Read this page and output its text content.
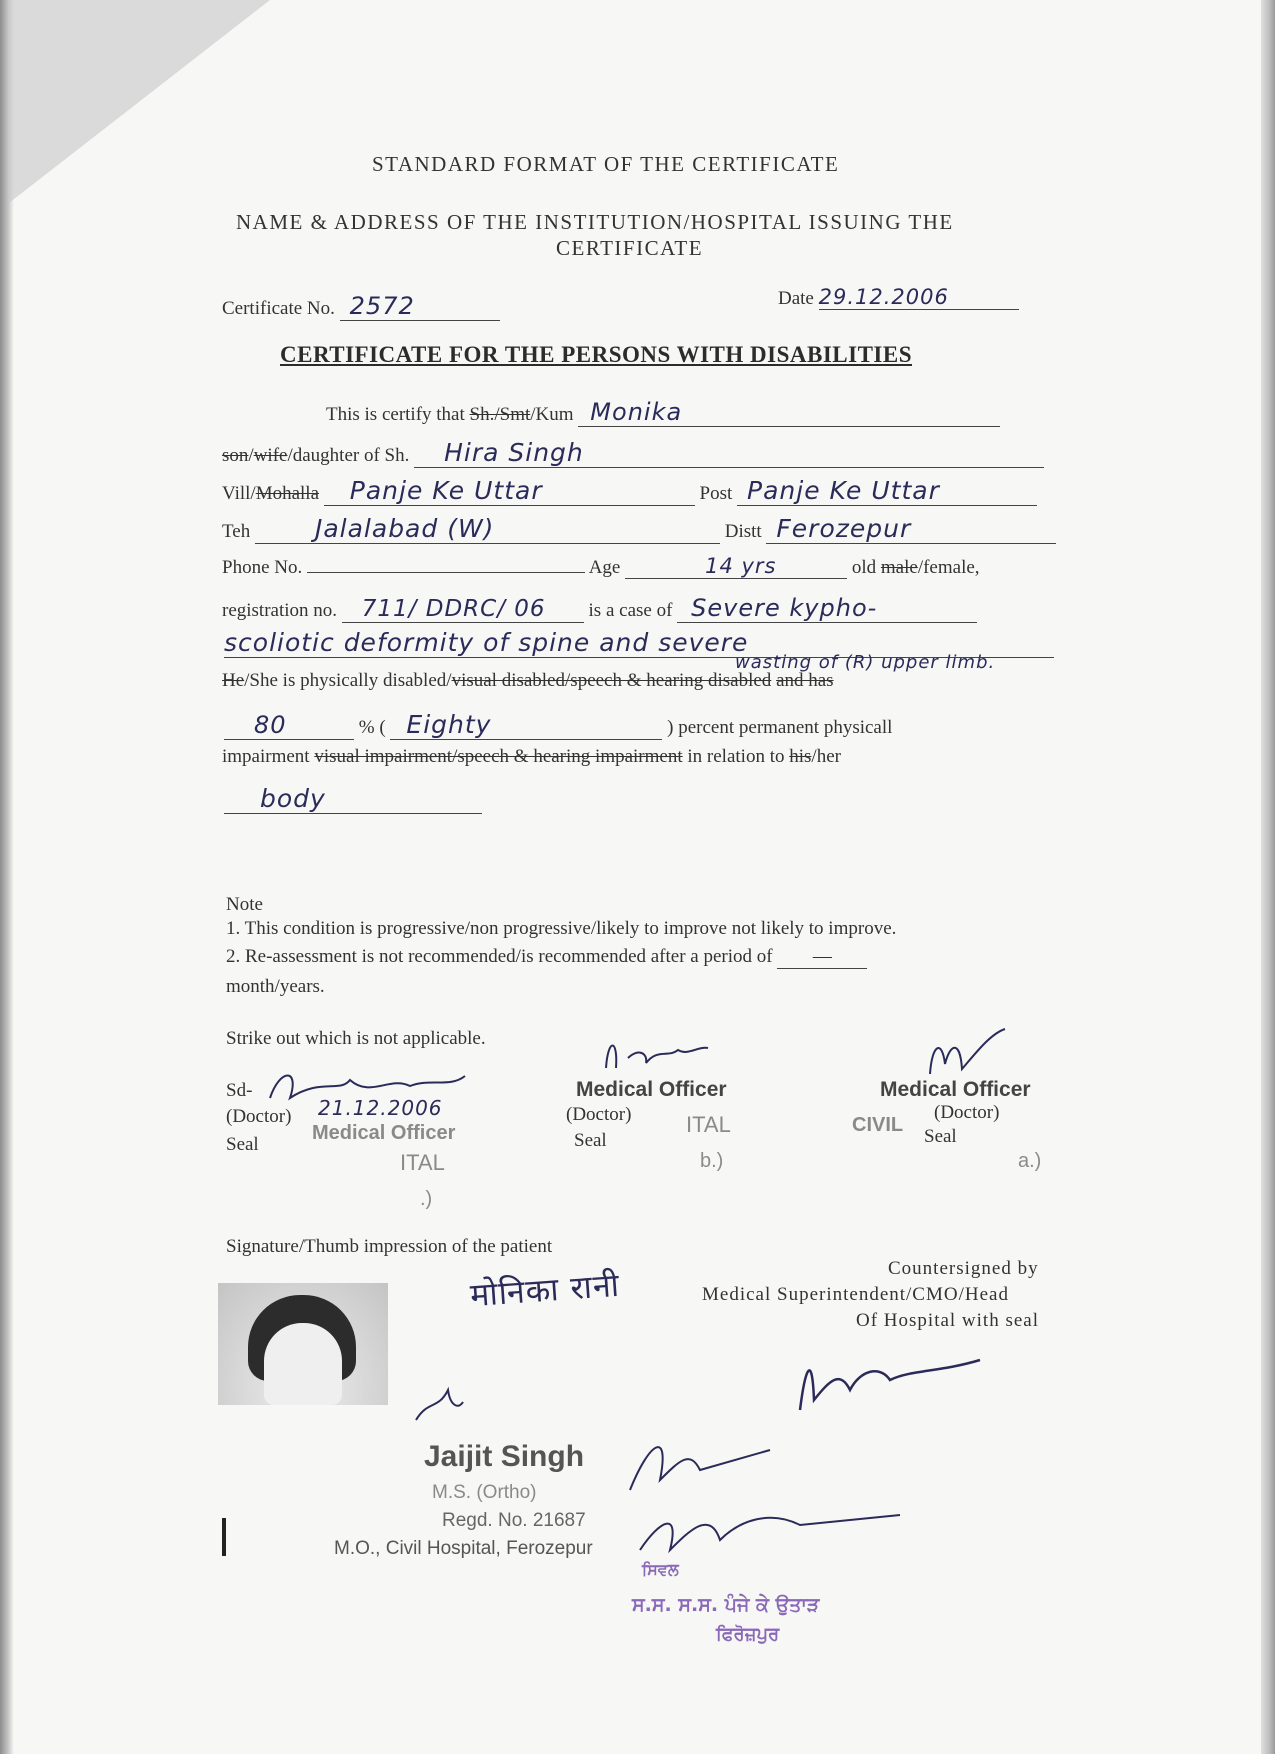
STANDARD FORMAT OF THE CERTIFICATE
NAME & ADDRESS OF THE INSTITUTION/HOSPITAL ISSUING THE
CERTIFICATE
Certificate No. 2572	Date 29.12.2006
CERTIFICATE FOR THE PERSONS WITH DISABILITIES
This is certify that Sh./Smt/Kum Monika
son/wife/daughter of Sh. Hira Singh
Vill/Mohalla Panje Ke Uttar	Post Panje Ke Uttar
Teh	Jalalabad (W)	Distt Ferozepur
Phone No.	Age	14 yrs	old male/female,
registration no. 711/ DDRC/ 06 is a case of Severe kypho-
scoliotic deformity of spine and severe
wasting of (R) upper limb.
He/She is physically disabled/visual disabled/speech & hearing disabled and has
80	% ( Eighty	) percent permanent physicall
impairment visual impairment/speech & hearing impairment in relation to his/her
body
Note
1. This condition is progressive/non progressive/likely to improve not likely to improve.
2. Re-assessment is not recommended/is recommended after a period of —
month/years.
Strike out which is not applicable.
Sd-
(Doctor) 21.12.2006
Seal
Medical Officer
ITAL
.)
Medical Officer
(Doctor) ITAL
Seal
b.)
Medical Officer
CIVIL
(Doctor)
Seal
a.)
Signature/Thumb impression of the patient
मोनिका रानी	Countersigned by
Medical Superintendent/CMO/Head
Of Hospital with seal
Jaijit Singh
M.S. (Ortho)
Regd. No. 21687
M.O., Civil Hospital, Ferozepur
ਸਿਵਲ
ਸ.ਸ. ਸ.ਸ. ਪੰਜੇ ਕੇ ਉਤਾੜ
ਫਿਰੋਜ਼ਪੁਰ
